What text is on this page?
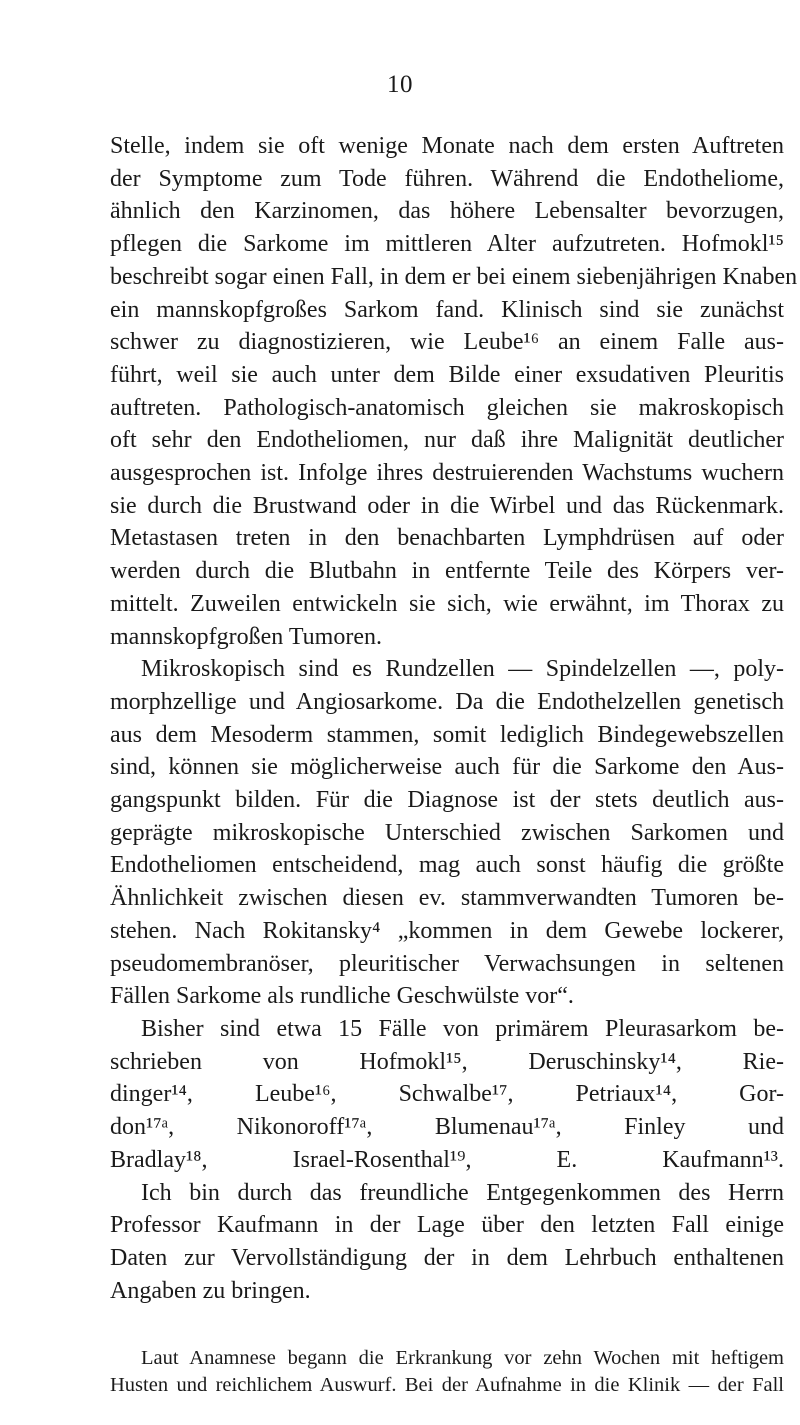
10
Stelle, indem sie oft wenige Monate nach dem ersten Auftreten
der Symptome zum Tode führen. Während die Endotheliome,
ähnlich den Karzinomen, das höhere Lebensalter bevorzugen,
pflegen die Sarkome im mittleren Alter aufzutreten. Hofmokl¹⁵
beschreibt sogar einen Fall, in dem er bei einem siebenjährigen Knaben
ein mannskopfgroßes Sarkom fand. Klinisch sind sie zunächst
schwer zu diagnostizieren, wie Leube¹⁶ an einem Falle aus-
führt, weil sie auch unter dem Bilde einer exsudativen Pleuritis
auftreten. Pathologisch-anatomisch gleichen sie makroskopisch
oft sehr den Endotheliomen, nur daß ihre Malignität deutlicher
ausgesprochen ist. Infolge ihres destruierenden Wachstums wuchern
sie durch die Brustwand oder in die Wirbel und das Rückenmark.
Metastasen treten in den benachbarten Lymphdrüsen auf oder
werden durch die Blutbahn in entfernte Teile des Körpers ver-
mittelt. Zuweilen entwickeln sie sich, wie erwähnt, im Thorax zu
mannskopfgroßen Tumoren.
Mikroskopisch sind es Rundzellen — Spindelzellen —, poly-
morphzellige und Angiosarkome. Da die Endothelzellen genetisch
aus dem Mesoderm stammen, somit lediglich Bindegewebszellen
sind, können sie möglicherweise auch für die Sarkome den Aus-
gangspunkt bilden. Für die Diagnose ist der stets deutlich aus-
geprägte mikroskopische Unterschied zwischen Sarkomen und
Endotheliomen entscheidend, mag auch sonst häufig die größte
Ähnlichkeit zwischen diesen ev. stammverwandten Tumoren be-
stehen. Nach Rokitansky⁴ „kommen in dem Gewebe lockerer,
pseudomembranöser, pleuritischer Verwachsungen in seltenen
Fällen Sarkome als rundliche Geschwülste vor“.
Bisher sind etwa 15 Fälle von primärem Pleurasarkom be-
schrieben von Hofmokl¹⁵, Deruschinsky¹⁴, Rie-
dinger¹⁴, Leube¹⁶, Schwalbe¹⁷, Petriaux¹⁴, Gor-
don¹⁷ᵃ, Nikonoroff¹⁷ᵃ, Blumenau¹⁷ᵃ, Finley und
Bradlay¹⁸, Israel-Rosenthal¹⁹, E. Kaufmann¹³.
Ich bin durch das freundliche Entgegenkommen des Herrn
Professor Kaufmann in der Lage über den letzten Fall einige
Daten zur Vervollständigung der in dem Lehrbuch enthaltenen
Angaben zu bringen.
Laut Anamnese begann die Erkrankung vor zehn Wochen mit heftigem
Husten und reichlichem Auswurf. Bei der Aufnahme in die Klinik — der Fall
